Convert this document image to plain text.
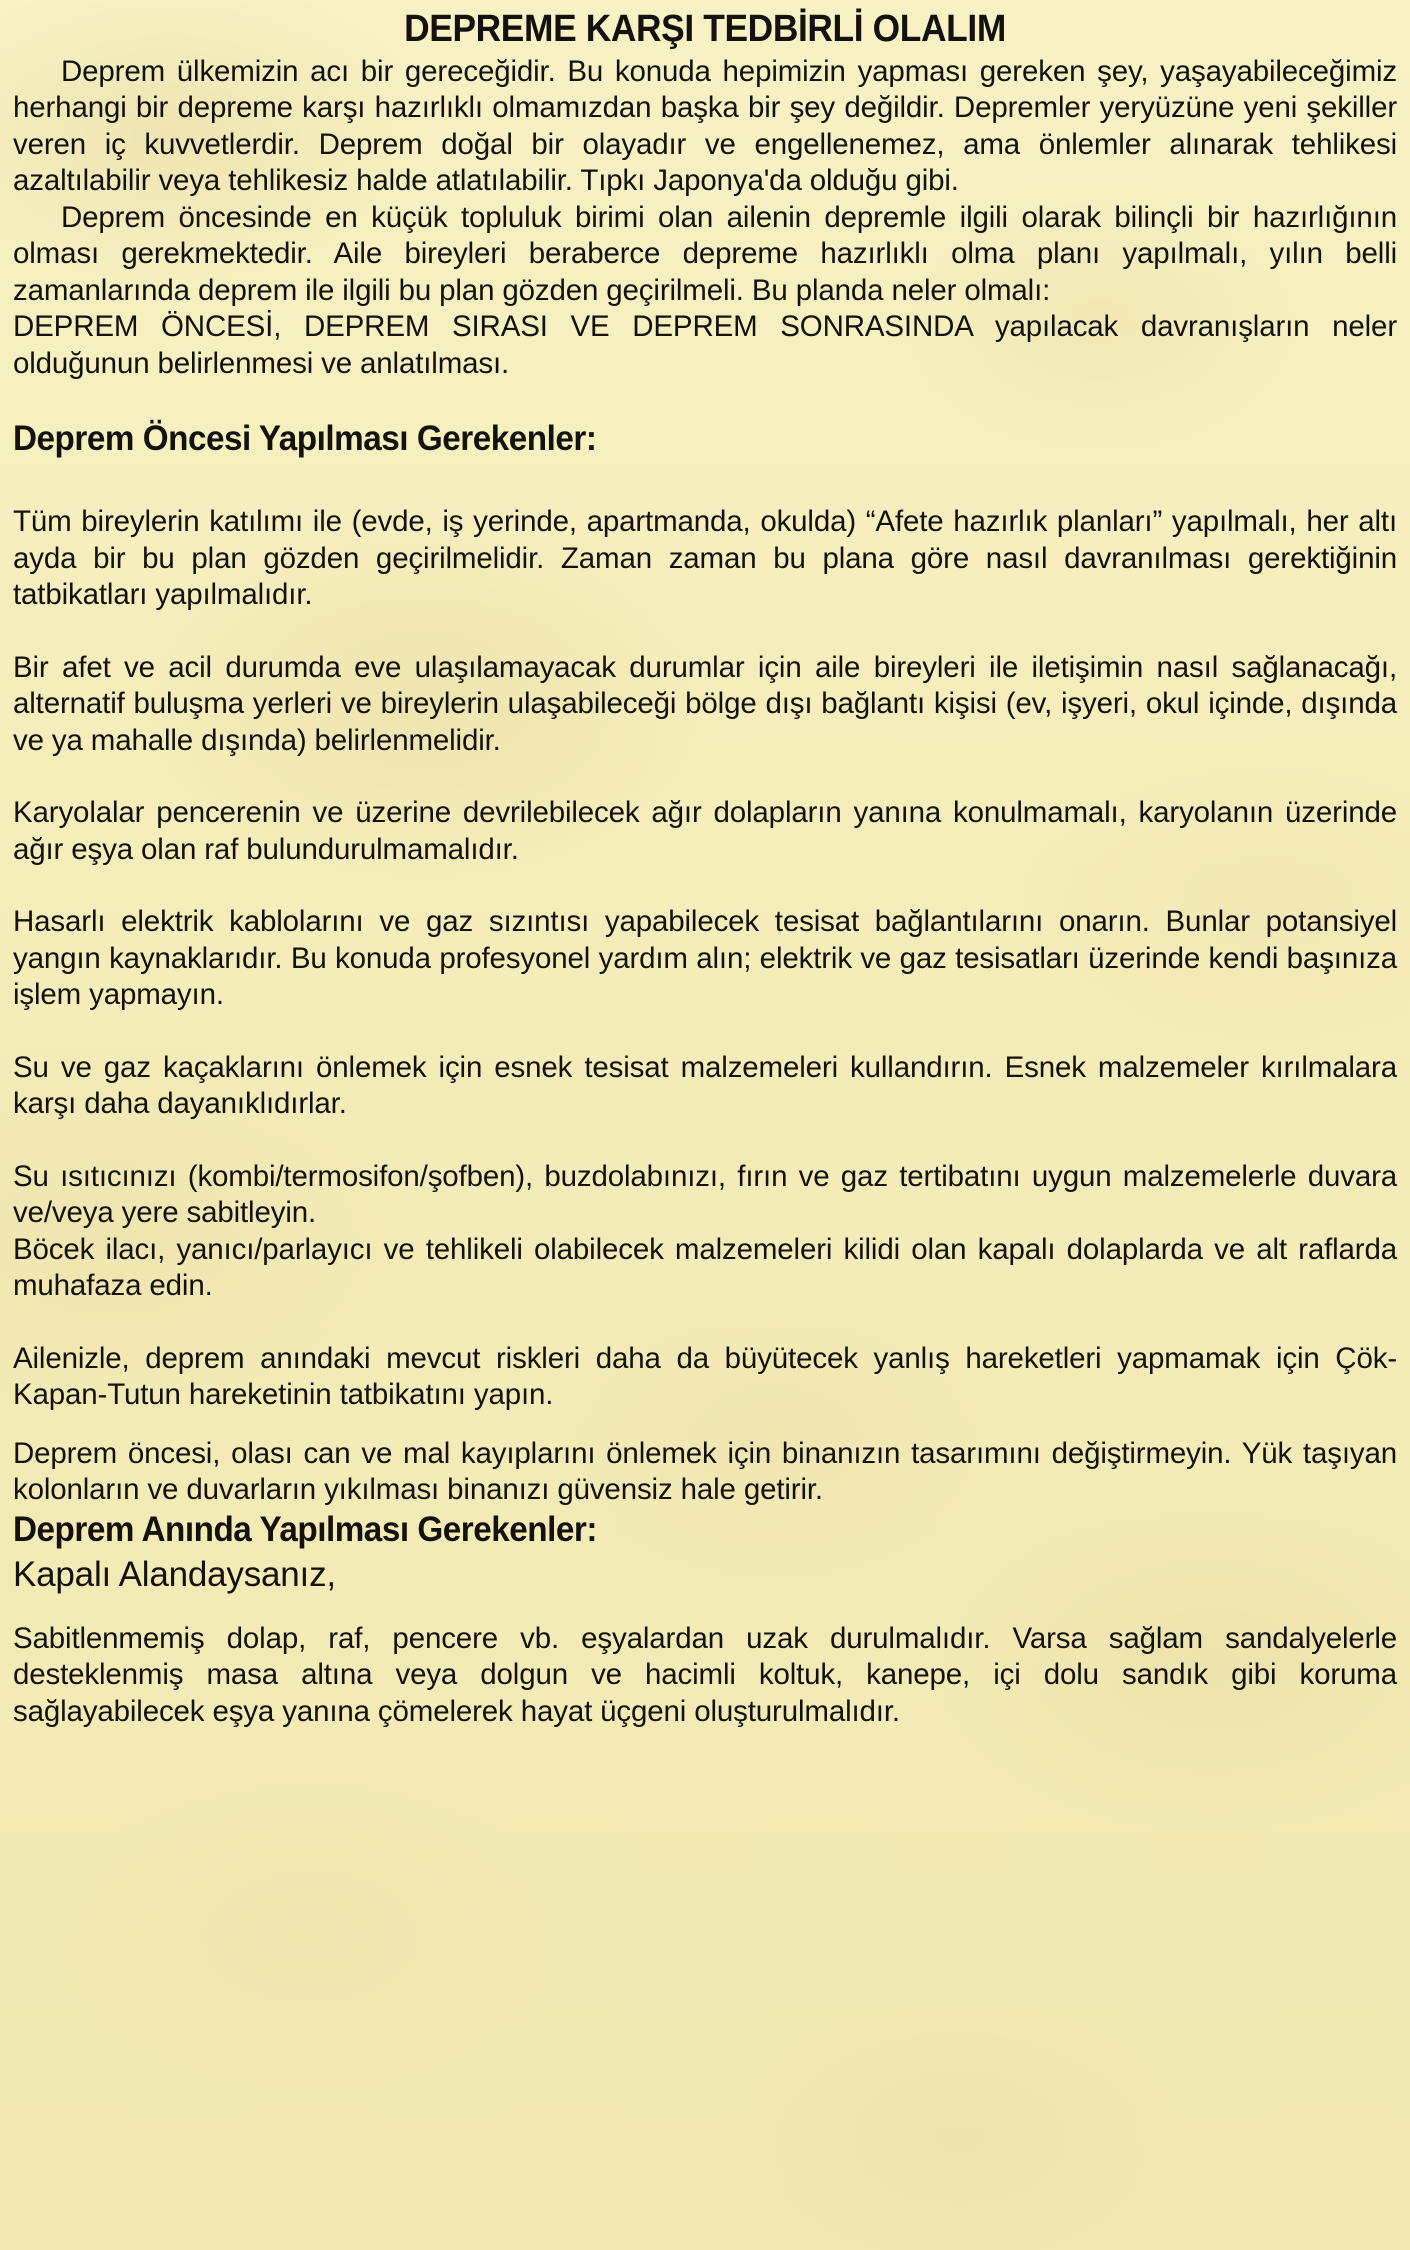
DEPREME KARŞI TEDBİRLİ OLALIM

Deprem ülkemizin acı bir gereceğidir. Bu konuda hepimizin yapması gereken şey, yaşayabileceğimiz herhangi bir depreme karşı hazırlıklı olmamızdan başka bir şey değildir. Depremler yeryüzüne yeni şekiller veren iç kuvvetlerdir. Deprem doğal bir olayadır ve engellenemez, ama önlemler alınarak tehlikesi azaltılabilir veya tehlikesiz halde atlatılabilir. Tıpkı Japonya'da olduğu gibi.

Deprem öncesinde en küçük topluluk birimi olan ailenin depremle ilgili olarak bilinçli bir hazırlığının olması gerekmektedir. Aile bireyleri beraberce depreme hazırlıklı olma planı yapılmalı, yılın belli zamanlarında deprem ile ilgili bu plan gözden geçirilmeli. Bu planda neler olmalı:

DEPREM ÖNCESİ, DEPREM SIRASI VE DEPREM SONRASINDA yapılacak davranışların neler olduğunun belirlenmesi ve anlatılması.

Deprem Öncesi Yapılması Gerekenler:

Tüm bireylerin katılımı ile (evde, iş yerinde, apartmanda, okulda) “Afete hazırlık planları” yapılmalı, her altı ayda bir bu plan gözden geçirilmelidir. Zaman zaman bu plana göre nasıl davranılması gerektiğinin tatbikatları yapılmalıdır.

Bir afet ve acil durumda eve ulaşılamayacak durumlar için aile bireyleri ile iletişimin nasıl sağlanacağı, alternatif buluşma yerleri ve bireylerin ulaşabileceği bölge dışı bağlantı kişisi (ev, işyeri, okul içinde, dışında ve ya mahalle dışında) belirlenmelidir.

Karyolalar pencerenin ve üzerine devrilebilecek ağır dolapların yanına konulmamalı, karyolanın üzerinde ağır eşya olan raf bulundurulmamalıdır.

Hasarlı elektrik kablolarını ve gaz sızıntısı yapabilecek tesisat bağlantılarını onarın. Bunlar potansiyel yangın kaynaklarıdır. Bu konuda profesyonel yardım alın; elektrik ve gaz tesisatları üzerinde kendi başınıza işlem yapmayın.

Su ve gaz kaçaklarını önlemek için esnek tesisat malzemeleri kullandırın. Esnek malzemeler kırılmalara karşı daha dayanıklıdırlar.

Su ısıtıcınızı (kombi/termosifon/şofben), buzdolabınızı, fırın ve gaz tertibatını uygun malzemelerle duvara ve/veya yere sabitleyin.

Böcek ilacı, yanıcı/parlayıcı ve tehlikeli olabilecek malzemeleri kilidi olan kapalı dolaplarda ve alt raflarda muhafaza edin.

Ailenizle, deprem anındaki mevcut riskleri daha da büyütecek yanlış hareketleri yapmamak için Çök-Kapan-Tutun hareketinin tatbikatını yapın.

Deprem öncesi, olası can ve mal kayıplarını önlemek için binanızın tasarımını değiştirmeyin. Yük taşıyan kolonların ve duvarların yıkılması binanızı güvensiz hale getirir.

Deprem Anında Yapılması Gerekenler:
Kapalı Alandaysanız,

Sabitlenmemiş dolap, raf, pencere vb. eşyalardan uzak durulmalıdır. Varsa sağlam sandalyelerle desteklenmiş masa altına veya dolgun ve hacimli koltuk, kanepe, içi dolu sandık gibi koruma sağlayabilecek eşya yanına çömelerek hayat üçgeni oluşturulmalıdır.
